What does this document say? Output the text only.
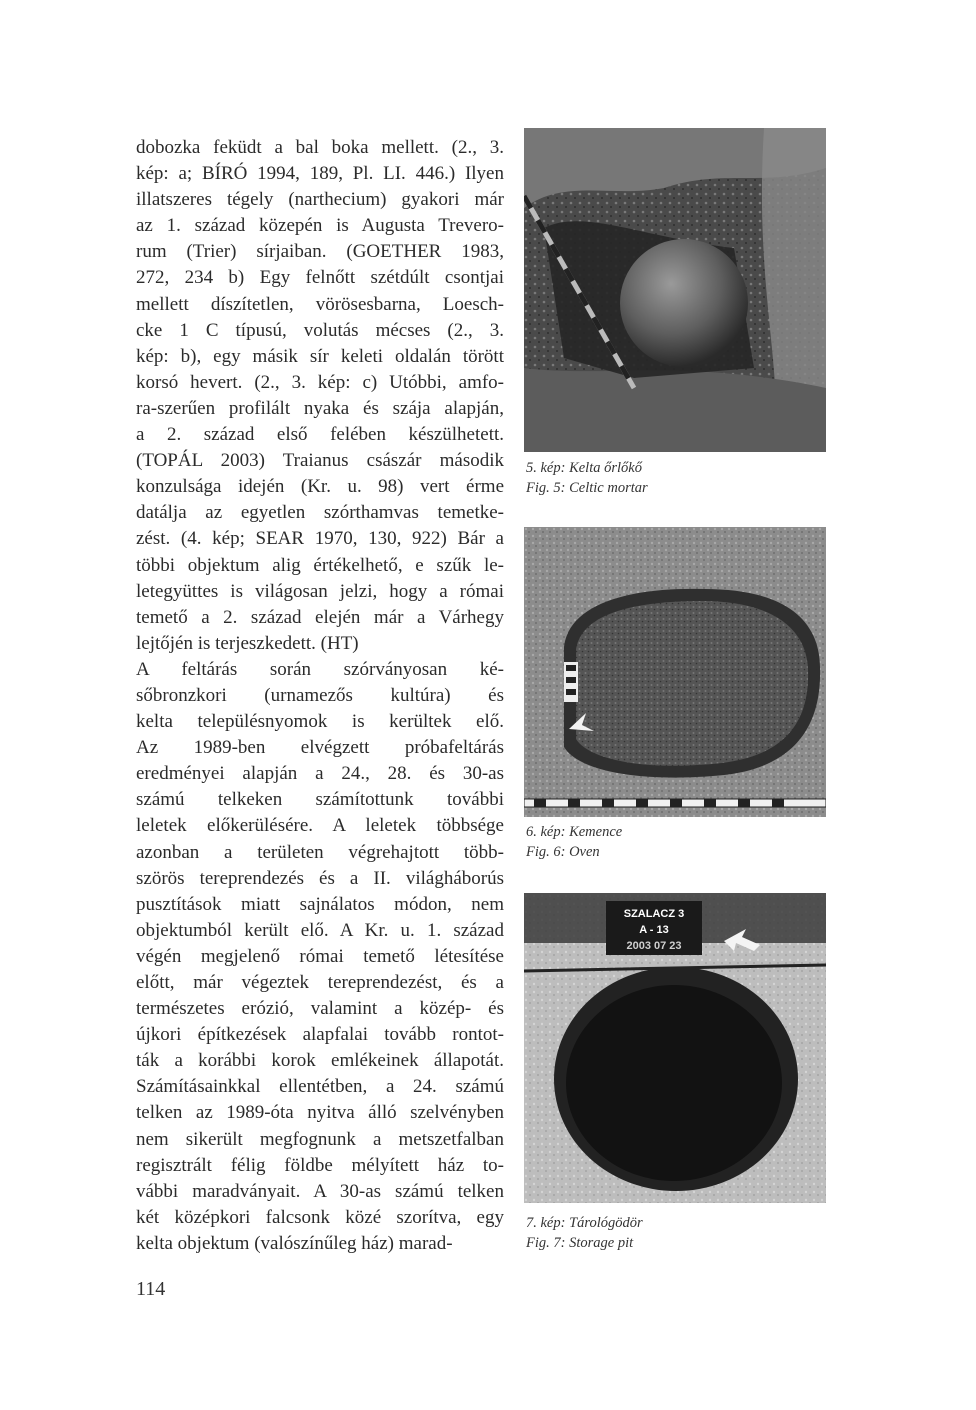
dobozka feküdt a bal boka mellett. (2., 3.
kép: a; BÍRÓ 1994, 189, Pl. LI. 446.) Ilyen
illatszeres tégely (narthecium) gyakori már
az 1. század közepén is Augusta Trevero-
rum (Trier) sírjaiban. (GOETHER 1983,
272, 234 b) Egy felnőtt szétdúlt csontjai
mellett díszítetlen, vörösesbarna, Loesch-
cke 1 C típusú, volutás mécses (2., 3.
kép: b), egy másik sír keleti oldalán törött
korsó hevert. (2., 3. kép: c) Utóbbi, amfo-
ra-szerűen profilált nyaka és szája alapján,
a 2. század első felében készülhetett.
(TOPÁL 2003) Traianus császár második
konzulsága idején (Kr. u. 98) vert érme
datálja az egyetlen szórthamvas temetke-
zést. (4. kép; SEAR 1970, 130, 922) Bár a
többi objektum alig értékelhető, e szűk le-
letegyüttes is világosan jelzi, hogy a római
temető a 2. század elején már a Várhegy
lejtőjén is terjeszkedett. (HT)
A feltárás során szórványosan ké-
sőbronzkori (urnamezős kultúra) és
kelta településnyomok is kerültek elő.
Az 1989-ben elvégzett próbafeltárás
eredményei alapján a 24., 28. és 30-as
számú telkeken számítottunk további
leletek előkerülésére. A leletek többsége
azonban a területen végrehajtott több-
szörös tereprendezés és a II. világháborús
pusztítások miatt sajnálatos módon, nem
objektumból került elő. A Kr. u. 1. század
végén megjelenő római temető létesítése
előtt, már végeztek tereprendezést, és a
természetes erózió, valamint a közép- és
újkori építkezések alapfalai tovább rontot-
ták a korábbi korok emlékeinek állapotát.
Számításainkkal ellentétben, a 24. számú
telken az 1989-óta nyitva álló szelvényben
nem sikerült megfognunk a metszetfalban
regisztrált félig földbe mélyített ház to-
vábbi maradványait. A 30-as számú telken
két középkori falcsonk közé szorítva, egy
kelta objektum (valószínűleg ház) marad-
114
5. kép: Kelta őrlőkő
Fig. 5: Celtic mortar
6. kép: Kemence
Fig. 6: Oven
SZALACZ 3
A - 13
2003 07 23
7. kép: Tárológödör
Fig. 7: Storage pit
